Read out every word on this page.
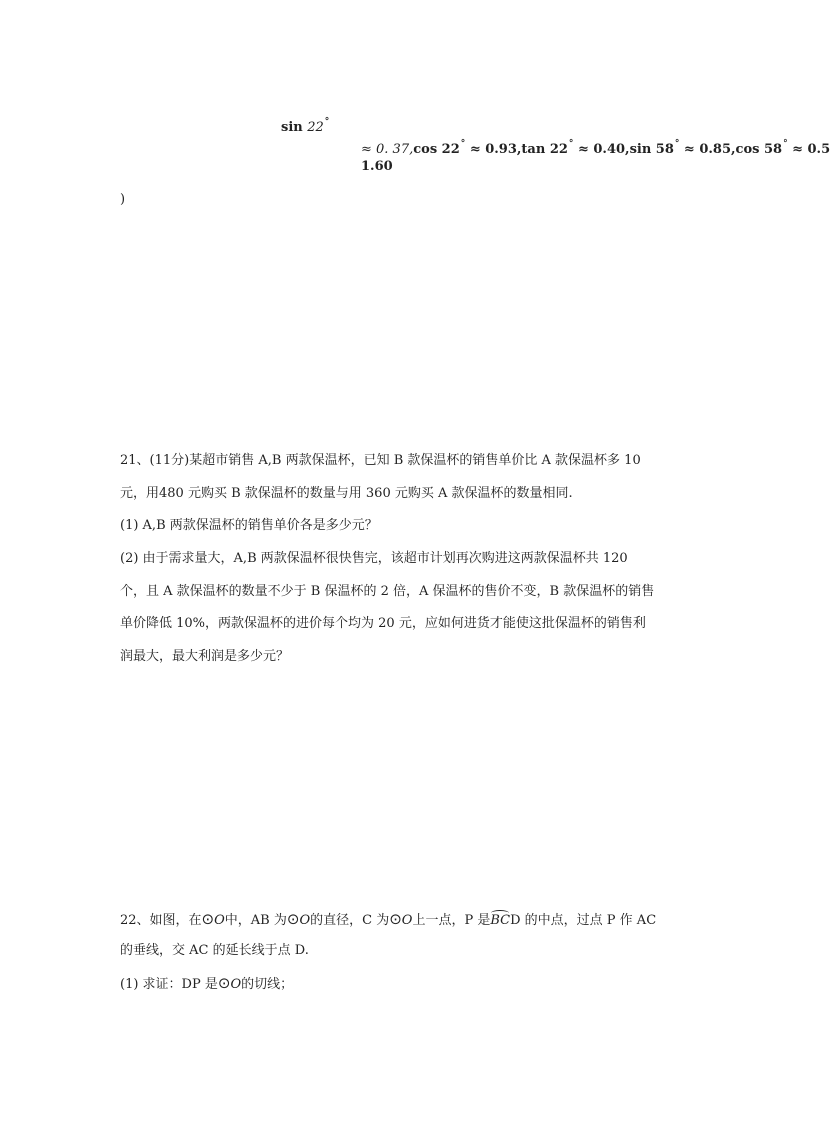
sin 22°
≈ 0. 37,cos 22° ≈ 0.93,tan 22° ≈ 0.40,sin 58° ≈ 0.85,cos 58° ≈ 0.5
1.60
)
21、(11分)某超市销售 A,B 两款保温杯，已知 B 款保温杯的销售单价比 A 款保温杯多 10
元，用480 元购买 B 款保温杯的数量与用 360 元购买 A 款保温杯的数量相同.
(1) A,B 两款保温杯的销售单价各是多少元？
(2) 由于需求量大，A,B 两款保温杯很快售完，该超市计划再次购进这两款保温杯共 120
个，且 A 款保温杯的数量不少于 B 保温杯的 2 倍，A 保温杯的售价不变，B 款保温杯的销售
单价降低 10%，两款保温杯的进价每个均为 20 元，应如何进货才能使这批保温杯的销售利
润最大，最大利润是多少元？
22、如图，在⊙O中，AB 为⊙O的直径，C 为⊙O上一点，P 是BCD 的中点，过点 P 作 AC
的垂线，交 AC 的延长线于点 D.
(1) 求证：DP 是⊙O的切线；
